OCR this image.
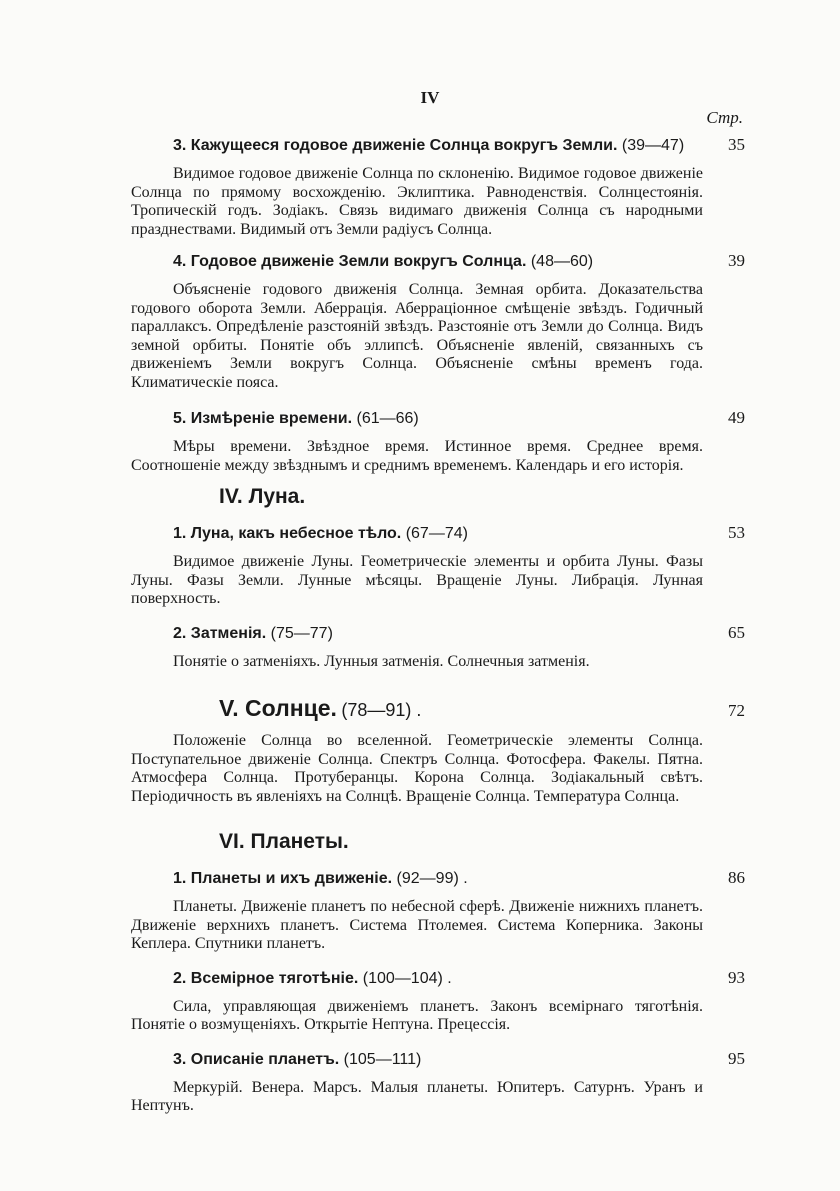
IV
Стр.
3. Кажущееся годовое движенiе Солнца вокругъ Земли. (39—47)	35

Видимое годовое движенiе Солнца по склоненiю. Видимое годовое движенiе Солнца по прямому восхожденiю. Эклиптика. Равноденствiя. Солнцестоянiя. Тропическiй годъ. Зодiакъ. Связь видимаго движенiя Солнца съ народными празднествами. Видимый отъ Земли радiусъ Солнца.

4. Годовое движенiе Земли вокругъ Солнца. (48—60)	39

Объясненiе годового движенiя Солнца. Земная орбита. Доказательства годового оборота Земли. Аберрацiя. Аберрацiонное смѣщенiе звѣздъ. Годичный параллаксъ. Опредѣленiе разстоянiй звѣздъ. Разстоянiе отъ Земли до Солнца. Видъ земной орбиты. Понятiе объ эллипсѣ. Объясненiе явленiй, связанныхъ съ движенiемъ Земли вокругъ Солнца. Объясненiе смѣны временъ года. Климатическiе пояса.

5. Измѣренiе времени. (61—66)	49

Мѣры времени. Звѣздное время. Истинное время. Среднее время. Соотношенiе между звѣзднымъ и среднимъ временемъ. Календарь и его исторiя.

IV. Луна.
1. Луна, какъ небесное тѣло. (67—74)	53

Видимое движенiе Луны. Геометрическiе элементы и орбита Луны. Фазы Луны. Фазы Земли. Лунные мѣсяцы. Вращенiе Луны. Либрацiя. Лунная поверхность.

2. Затменiя. (75—77)	65

Понятiе о затменiяхъ. Лунныя затменiя. Солнечныя затменiя.

V. Солнце. (78—91) .	72

Положенiе Солнца во вселенной. Геометрическiе элементы Солнца. Поступательное движенiе Солнца. Спектръ Солнца. Фотосфера. Факелы. Пятна. Атмосфера Солнца. Протуберанцы. Корона Солнца. Зодiакальный свѣтъ. Перiодичность въ явленiяхъ на Солнцѣ. Вращенiе Солнца. Температура Солнца.

VI. Планеты.
1. Планеты и ихъ движенiе. (92—99) .	86

Планеты. Движенiе планетъ по небесной сферѣ. Движенiе нижнихъ планетъ. Движенiе верхнихъ планетъ. Система Птолемея. Система Коперника. Законы Кеплера. Спутники планетъ.

2. Всемiрное тяготѣнiе. (100—104) .	93

Сила, управляющая движенiемъ планетъ. Законъ всемiрнаго тяготѣнiя. Понятiе о возмущенiяхъ. Открытiе Нептуна. Прецессiя.

3. Описанiе планетъ. (105—111)	95

Меркурiй. Венера. Марсъ. Малыя планеты. Юпитеръ. Сатурнъ. Уранъ и Нептунъ.
